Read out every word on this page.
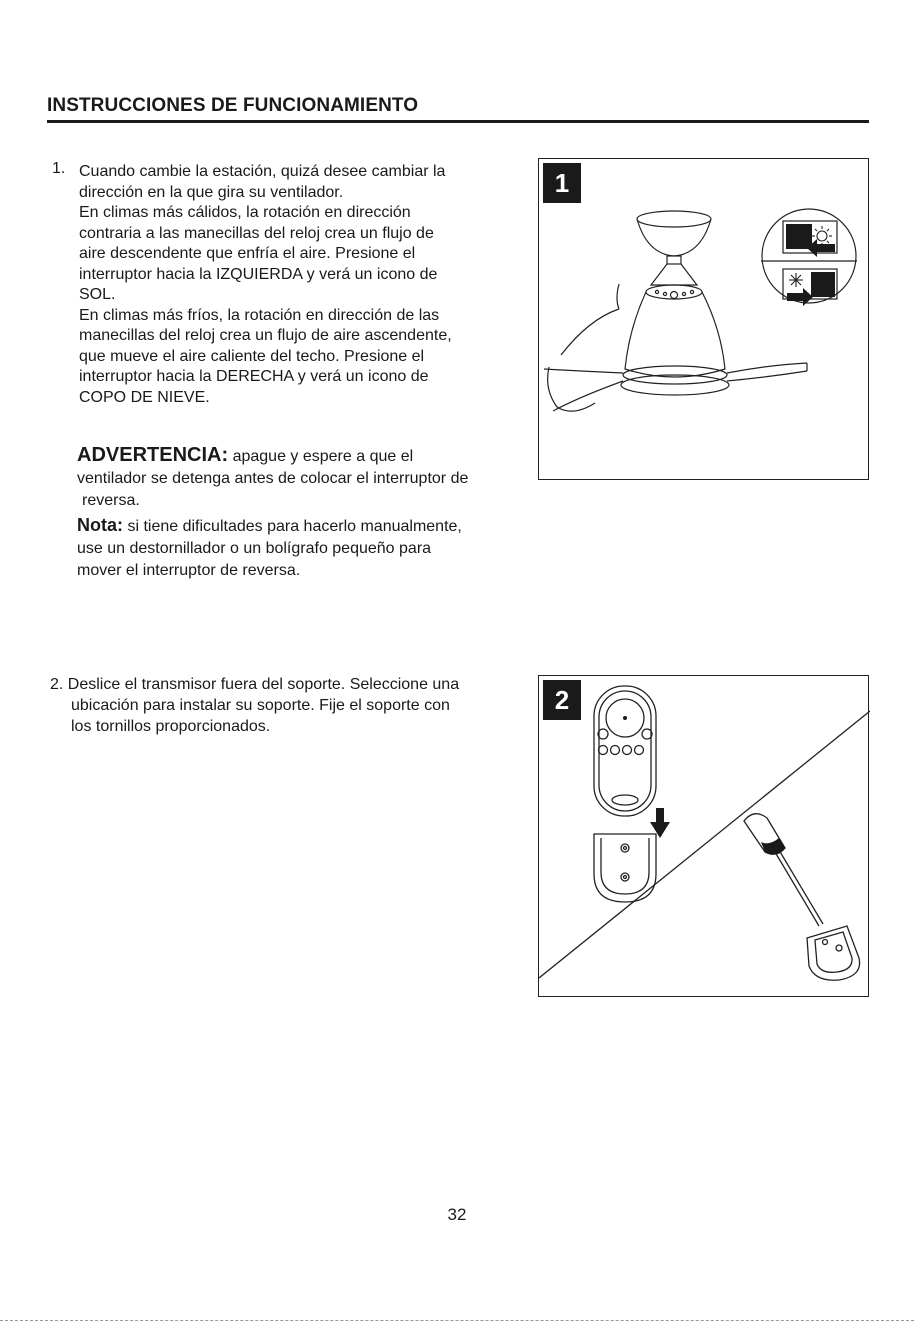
INSTRUCCIONES DE FUNCIONAMIENTO
1. Cuando cambie la estación, quizá desee cambiar la

dirección en la que gira su ventilador.

En climas más cálidos, la rotación en dirección

contraria a las manecillas del reloj crea un flujo de

aire descendente que enfría el aire. Presione el

interruptor hacia la IZQUIERDA y verá un icono de

SOL.

En climas más fríos, la rotación en dirección de las

manecillas del reloj crea un flujo de aire ascendente,

que mueve el aire caliente del techo. Presione el

interruptor hacia la DERECHA y verá un icono de

COPO DE NIEVE.

ADVERTENCIA: apague y espere a que el

ventilador se detenga antes de colocar el interruptor de

reversa.

Nota: si tiene dificultades para hacerlo manualmente,

use un destornillador o un bolígrafo pequeño para

mover el interruptor de reversa.

1

2. Deslice el transmisor fuera del soporte. Seleccione una

ubicación para instalar su soporte. Fije el soporte con

los tornillos proporcionados.

2
32
